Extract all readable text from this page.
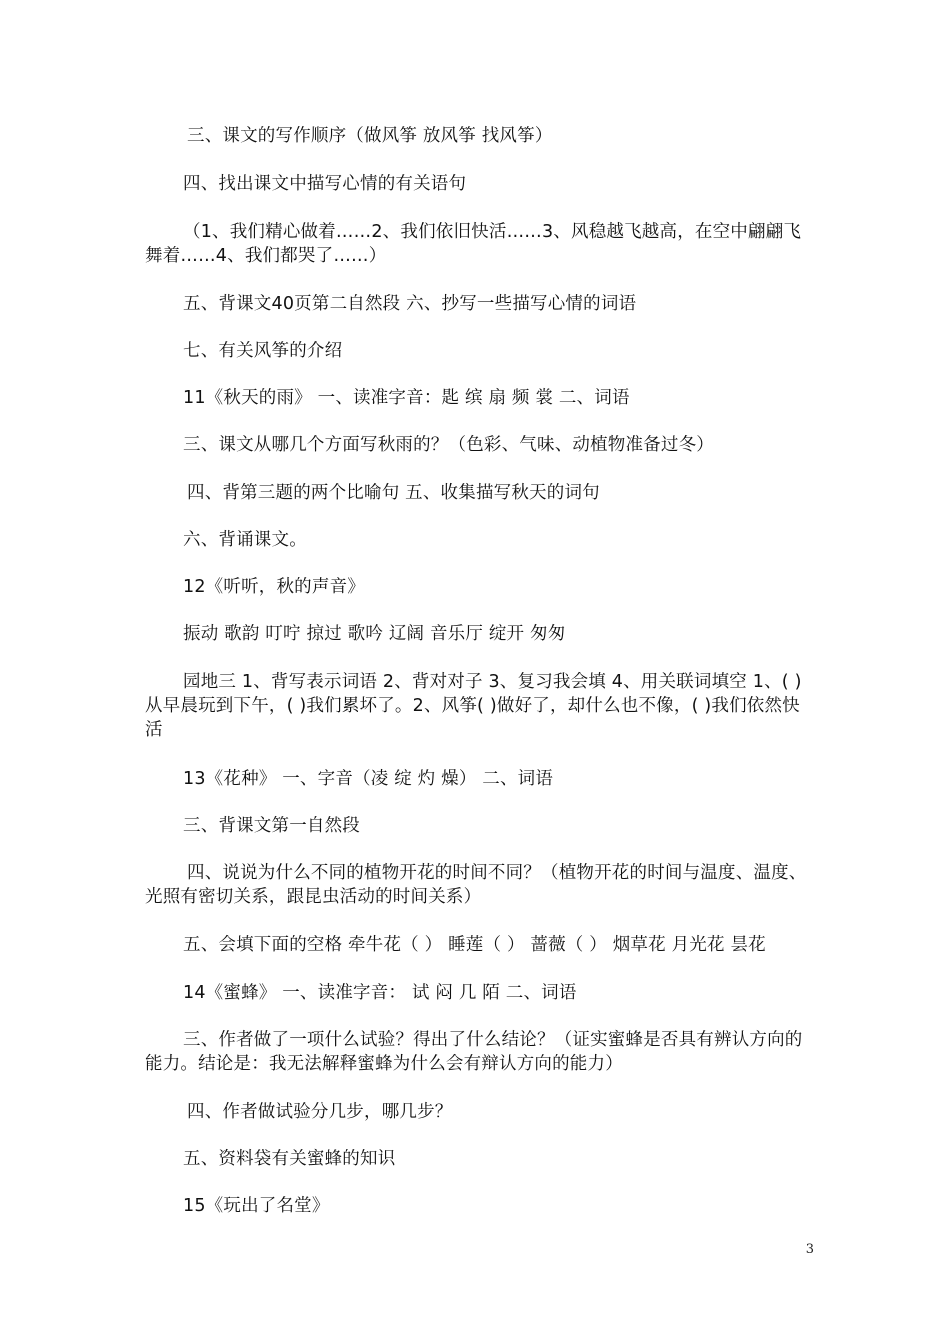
三、课文的写作顺序（做风筝 放风筝 找风筝）

四、找出课文中描写心情的有关语句

（1、我们精心做着……2、我们依旧快活……3、风稳越飞越高，在空中翩翩飞舞着……4、我们都哭了……）

五、背课文40页第二自然段 六、抄写一些描写心情的词语

七、有关风筝的介绍

11《秋天的雨》 一、读准字音：匙 缤 扇 频 裳 二、词语

三、课文从哪几个方面写秋雨的？（色彩、气味、动植物准备过冬）

四、背第三题的两个比喻句 五、收集描写秋天的词句

六、背诵课文。

12《听听，秋的声音》

振动 歌韵 叮咛 掠过 歌吟 辽阔 音乐厅 绽开 匆匆

园地三 1、背写表示词语 2、背对对子 3、复习我会填 4、用关联词填空 1、( )从早晨玩到下午，( )我们累坏了。2、风筝( )做好了，却什么也不像，( )我们依然快活

13《花种》 一、字音（凌 绽 灼 燥） 二、词语

三、背课文第一自然段

四、说说为什么不同的植物开花的时间不同？（植物开花的时间与温度、温度、光照有密切关系，跟昆虫活动的时间关系）

五、会填下面的空格 牵牛花（ ） 睡莲（ ） 蔷薇（ ） 烟草花 月光花 昙花

14《蜜蜂》 一、读准字音： 试 闷 几 陌 二、词语

三、作者做了一项什么试验？得出了什么结论？（证实蜜蜂是否具有辨认方向的能力。结论是：我无法解释蜜蜂为什么会有辩认方向的能力）

四、作者做试验分几步，哪几步？

五、资料袋有关蜜蜂的知识

15《玩出了名堂》

3
